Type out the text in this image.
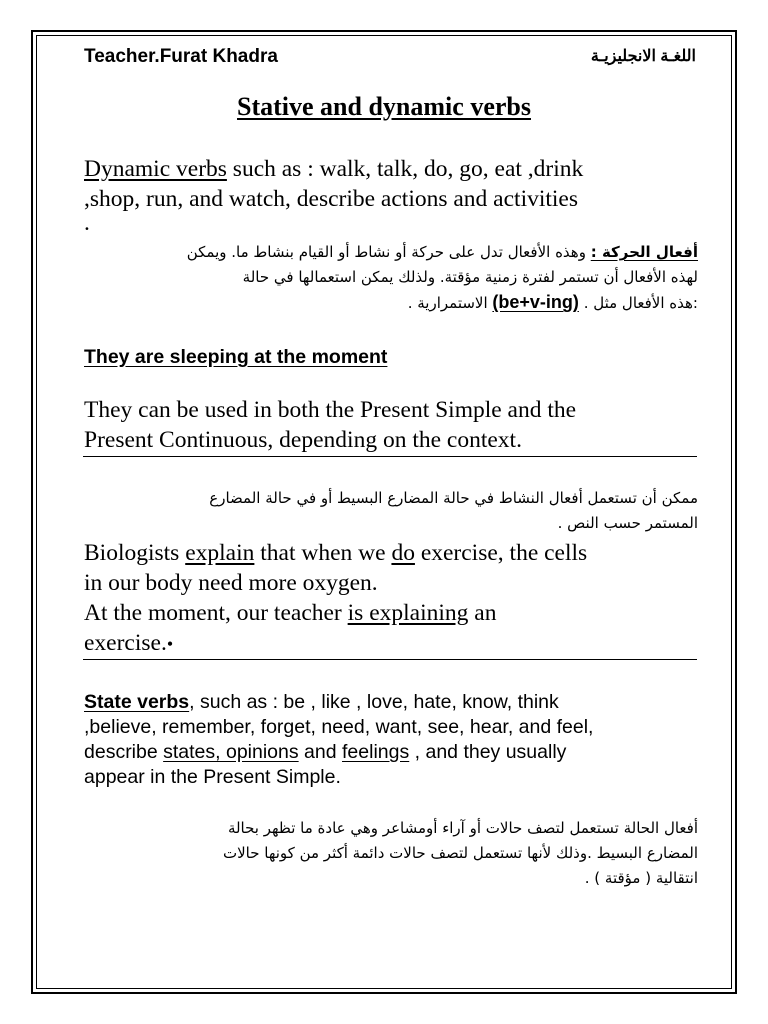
Teacher.Furat Khadra	اللغـة الانجليزيـة
Stative and dynamic verbs
Dynamic verbs such as : walk, talk, do, go, eat ,drink
,shop, run, and watch, describe actions and activities
.
أفعال الحركة : وهذه الأفعال تدل على حركة أو نشاط أو القيام بنشاط ما. ويمكن
لهذه الأفعال أن تستمر لفترة زمنية مؤقتة. ولذلك يمكن استعمالها في حالة
:هذه الأفعال مثل . (be+v-ing) الاستمرارية .
They are sleeping at the moment
They can be used in both the Present Simple and the
Present Continuous, depending on the context.
ممكن أن تستعمل أفعال النشاط في حالة المضارع البسيط أو في حالة المضارع
المستمر حسب النص .
Biologists explain that when we do exercise, the cells
in our body need more oxygen.
At the moment, our teacher is explaining an
exercise.•
State verbs, such as : be , like , love, hate, know, think
,believe, remember, forget, need, want, see, hear, and feel,
describe states, opinions and feelings , and they usually
appear in the Present Simple.
أفعال الحالة تستعمل لتصف حالات أو آراء أومشاعر وهي عادة ما تظهر بحالة
المضارع البسيط .وذلك لأنها تستعمل لتصف حالات دائمة أكثر من كونها حالات
انتقالية ( مؤقتة ) .
